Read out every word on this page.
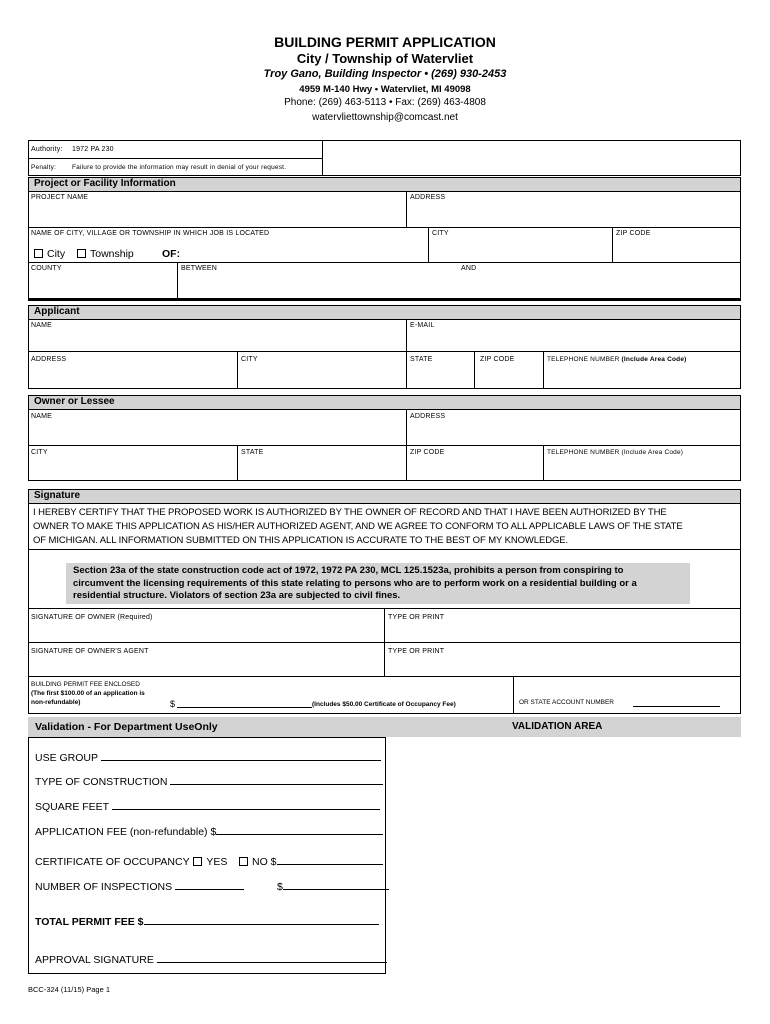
BUILDING PERMIT APPLICATION
City / Township of Watervliet
Troy Gano, Building Inspector • (269) 930-2453
4959 M-140 Hwy • Watervliet, MI 49098
Phone: (269) 463-5113 • Fax: (269) 463-4808
watervliettownship@comcast.net
Authority: 1972 PA 230
Penalty: Failure to provide the information may result in denial of your request.
Project or Facility Information
PROJECT NAME	ADDRESS
NAME OF CITY, VILLAGE OR TOWNSHIP IN WHICH JOB IS LOCATED	CITY	ZIP CODE
City	Township	OF:
COUNTY	BETWEEN	AND
Applicant
NAME	E-MAIL
ADDRESS	CITY	STATE	ZIP CODE	TELEPHONE NUMBER (Include Area Code)
Owner or Lessee
NAME	ADDRESS
CITY	STATE	ZIP CODE	TELEPHONE NUMBER (Include Area Code)
Signature
I HEREBY CERTIFY THAT THE PROPOSED WORK IS AUTHORIZED BY THE OWNER OF RECORD AND THAT I HAVE BEEN AUTHORIZED BY THE
OWNER TO MAKE THIS APPLICATION AS HIS/HER AUTHORIZED AGENT, AND WE AGREE TO CONFORM TO ALL APPLICABLE LAWS OF THE STATE
OF MICHIGAN. ALL INFORMATION SUBMITTED ON THIS APPLICATION IS ACCURATE TO THE BEST OF MY KNOWLEDGE.
Section 23a of the state construction code act of 1972, 1972 PA 230, MCL 125.1523a, prohibits a person from conspiring to
circumvent the licensing requirements of this state relating to persons who are to perform work on a residential building or a
residential structure. Violators of section 23a are subjected to civil fines.
SIGNATURE OF OWNER (Required)	TYPE OR PRINT
SIGNATURE OF OWNER'S AGENT	TYPE OR PRINT
BUILDING PERMIT FEE ENCLOSED
(The first $100.00 of an application is
non-refundable)	$	(Includes $50.00 Certificate of Occupancy Fee)	OR STATE ACCOUNT NUMBER
Validation - For Department UseOnly	VALIDATION AREA
USE GROUP
TYPE OF CONSTRUCTION
SQUARE FEET
APPLICATION FEE (non-refundable) $
CERTIFICATE OF OCCUPANCY YES NO $
NUMBER OF INSPECTIONS	$
TOTAL PERMIT FEE $
APPROVAL SIGNATURE
BCC-324 (11/15) Page 1
